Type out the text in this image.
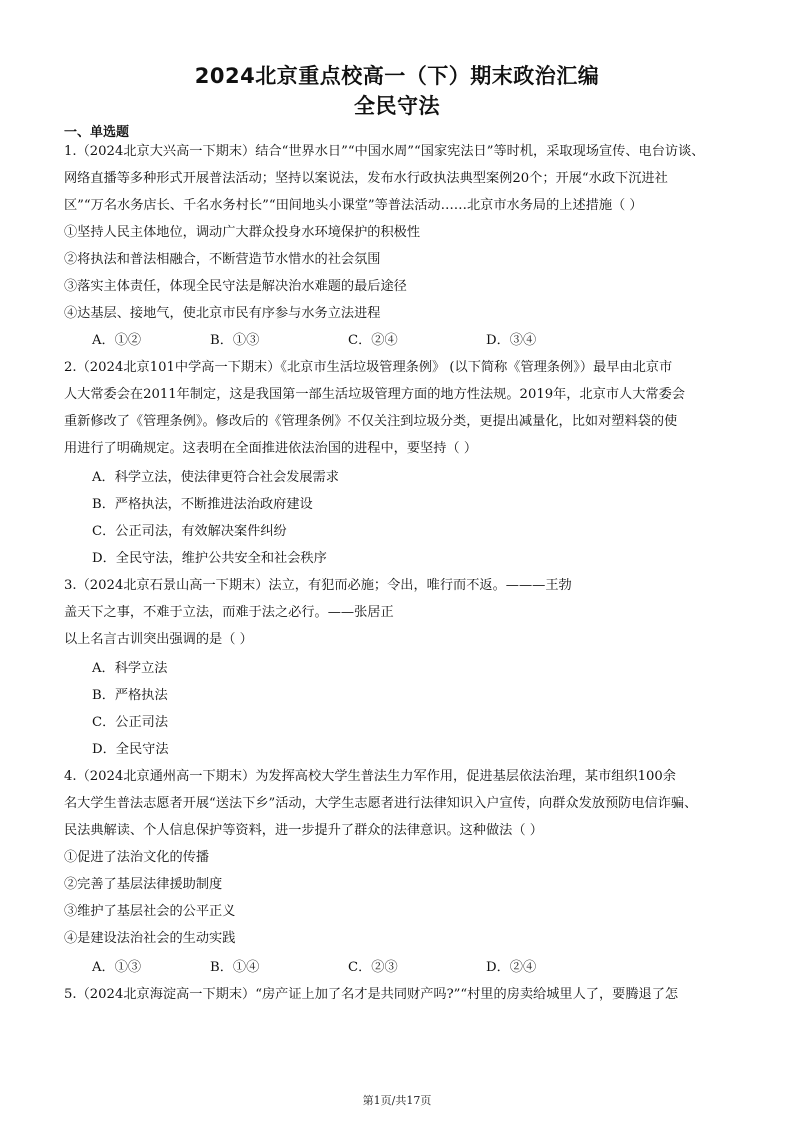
2024北京重点校高一（下）期末政治汇编
全民守法
一、单选题
1.（2024北京大兴高一下期末）结合“世界水日”“中国水周”“国家宪法日”等时机，采取现场宣传、电台访谈、
网络直播等多种形式开展普法活动；坚持以案说法，发布水行政执法典型案例20个；开展“水政下沉进社
区”“万名水务店长、千名水务村长”“田间地头小课堂”等普法活动……北京市水务局的上述措施（ ）
①坚持人民主体地位，调动广大群众投身水环境保护的积极性
②将执法和普法相融合，不断营造节水惜水的社会氛围
③落实主体责任，体现全民守法是解决治水难题的最后途径
④达基层、接地气，使北京市民有序参与水务立法进程
A．①②	B．①③	C．②④	D．③④
2.（2024北京101中学高一下期末）《北京市生活垃圾管理条例》 (以下简称《管理条例》）最早由北京市
人大常委会在2011年制定，这是我国第一部生活垃圾管理方面的地方性法规。2019年，北京市人大常委会
重新修改了《管理条例》。修改后的《管理条例》不仅关注到垃圾分类，更提出减量化，比如对塑料袋的使
用进行了明确规定。这表明在全面推进依法治国的进程中，要坚持（ ）
A．科学立法，使法律更符合社会发展需求
B．严格执法，不断推进法治政府建设
C．公正司法，有效解决案件纠纷
D．全民守法，维护公共安全和社会秩序
3.（2024北京石景山高一下期末）法立，有犯而必施；令出，唯行而不返。———王勃
盖天下之事，不难于立法，而难于法之必行。——张居正
以上名言古训突出强调的是（ ）
A．科学立法
B．严格执法
C．公正司法
D．全民守法
4.（2024北京通州高一下期末）为发挥高校大学生普法生力军作用，促进基层依法治理，某市组织100余
名大学生普法志愿者开展“送法下乡”活动，大学生志愿者进行法律知识入户宣传，向群众发放预防电信诈骗、
民法典解读、个人信息保护等资料，进一步提升了群众的法律意识。这种做法（ ）
①促进了法治文化的传播
②完善了基层法律援助制度
③维护了基层社会的公平正义
④是建设法治社会的生动实践
A．①③	B．①④	C．②③	D．②④
5.（2024北京海淀高一下期末）“房产证上加了名才是共同财产吗?”“村里的房卖给城里人了，要腾退了怎
第1页/共17页
